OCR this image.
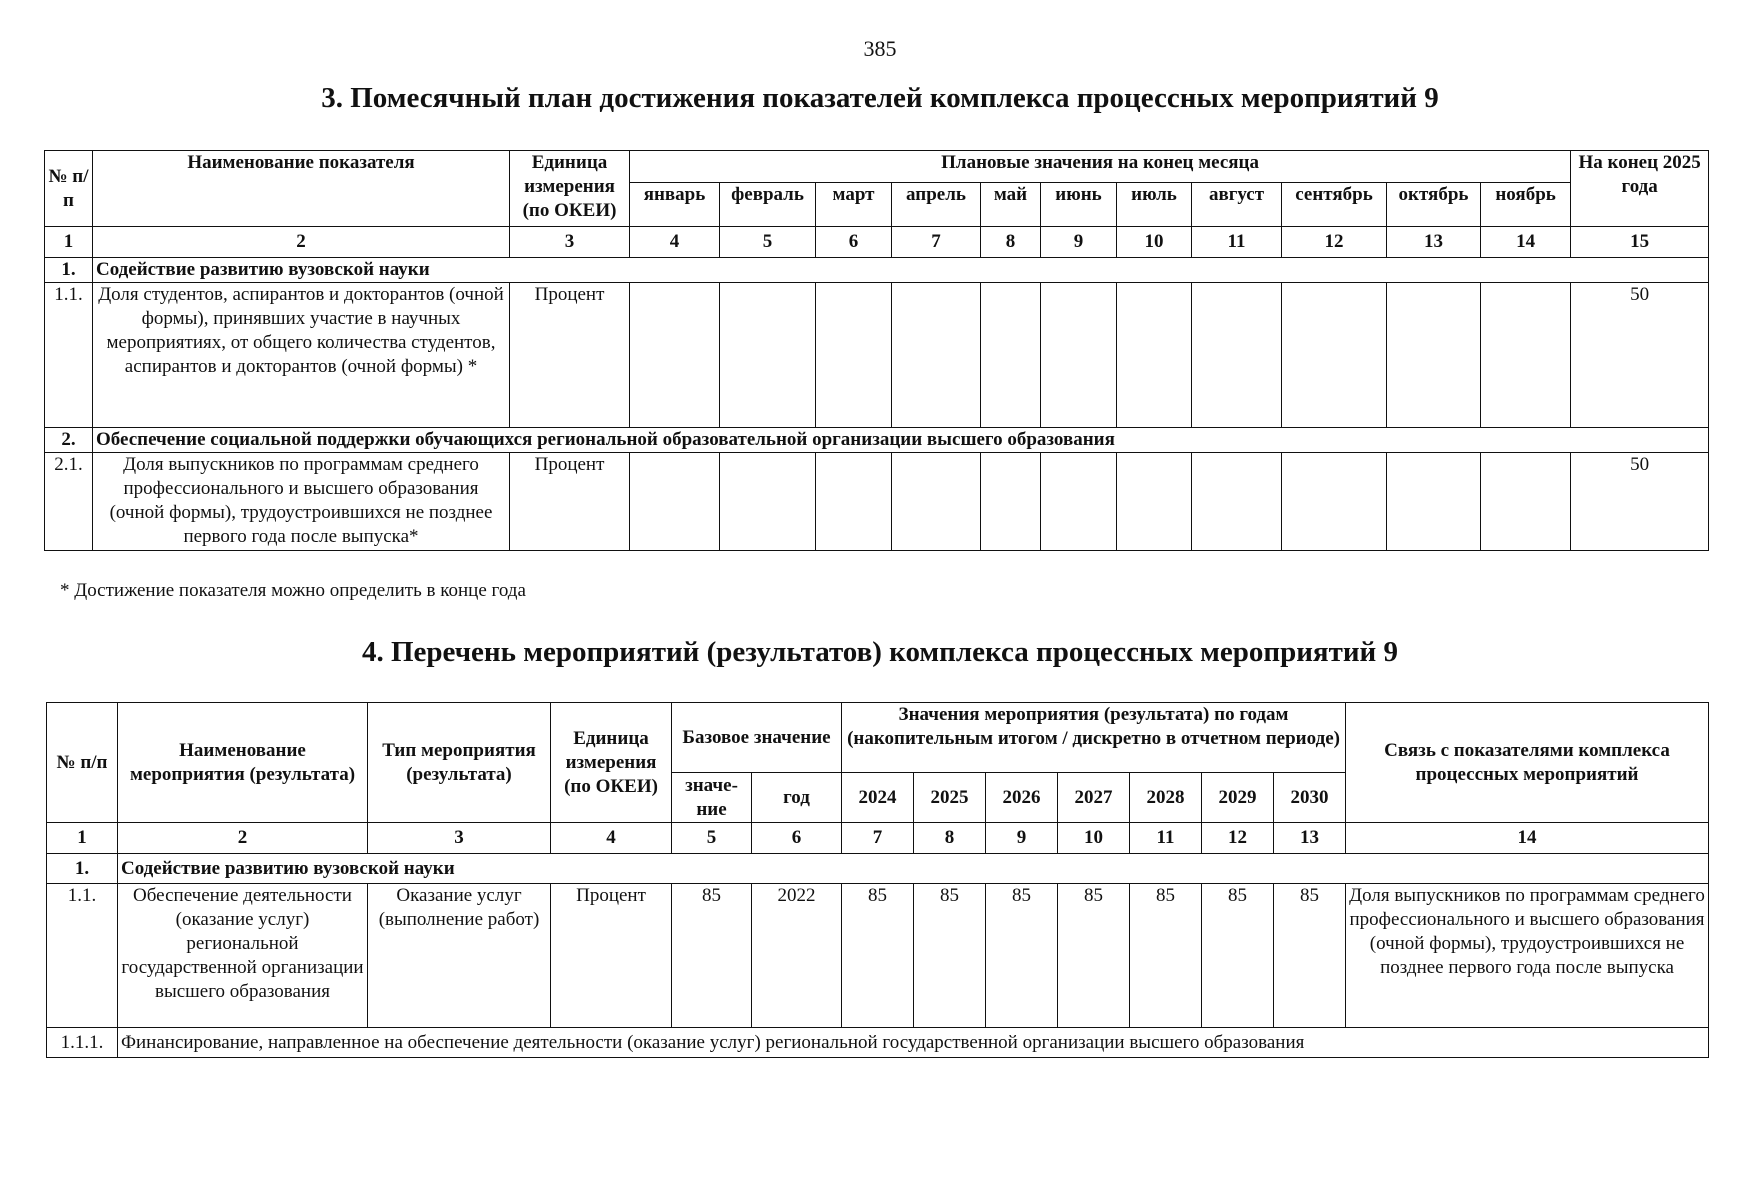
385
3. Помесячный план достижения показателей комплекса процессных мероприятий 9
№ п/п	Наименование показателя	Единица измерения (по ОКЕИ)	Плановые значения на конец месяца											На конец 2025 года
			январь	февраль	март	апрель	май	июнь	июль	август	сентябрь	октябрь	ноябрь	
1	2	3	4	5	6	7	8	9	10	11	12	13	14	15
1.	Содействие развитию вузовской науки													
1.1.	Доля студентов, аспирантов и докторантов (очной формы), принявших участие в научных мероприятиях, от общего количества студентов, аспирантов и докторантов (очной формы) *	Процент												50
2.	Обеспечение социальной поддержки обучающихся региональной образовательной организации высшего образования													
2.1.	Доля выпускников по программам среднего профессионального и высшего образования (очной формы), трудоустроившихся не позднее первого года после выпуска*	Процент												50
* Достижение показателя можно определить в конце года
4. Перечень мероприятий (результатов) комплекса процессных мероприятий 9
№ п/п	Наименование мероприятия (результата)	Тип мероприятия (результата)	Единица измерения (по ОКЕИ)	Базовое значение		Значения мероприятия (результата) по годам (накопительным итогом / дискретно в отчетном периоде)							Связь с показателями комплекса процессных мероприятий
				значе-ние	год	2024	2025	2026	2027	2028	2029	2030	
1	2	3	4	5	6	7	8	9	10	11	12	13	14
1.	Содействие развитию вузовской науки												
1.1.	Обеспечение деятельности (оказание услуг) региональной государственной организации высшего образования	Оказание услуг (выполнение работ)	Процент	85	2022	85	85	85	85	85	85	85	Доля выпускников по программам среднего профессионального и высшего образования (очной формы), трудоустроившихся не позднее первого года после выпуска
1.1.1.	Финансирование, направленное на обеспечение деятельности (оказание услуг) региональной государственной организации высшего образования												
